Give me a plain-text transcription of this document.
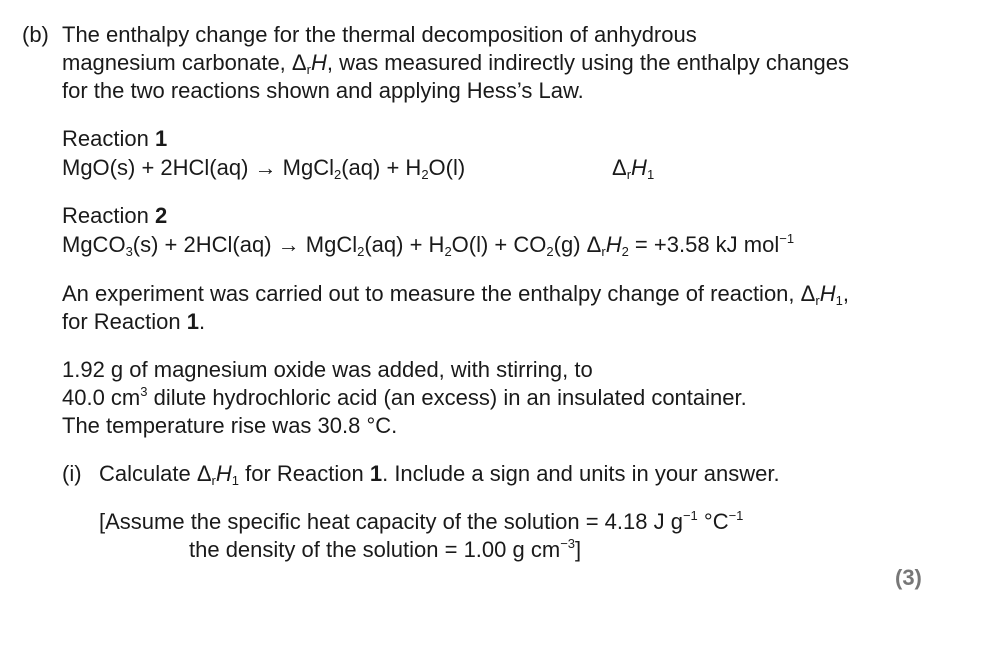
(b) The enthalpy change for the thermal decomposition of anhydrous
magnesium carbonate, $\Delta_rH$, was measured indirectly using the enthalpy changes
for the two reactions shown and applying Hess’s Law.
Reaction 1
MgO(s) + 2HCl(aq) → MgCl$_2$(aq) + $H_2O(l)$	$\Delta_rH_1$
Reaction 2
MgCO$_3$(s) + 2HCl(aq) → MgCl$_2$(aq) + $H_2O(l) + CO_2(g) \Delta_rH_2 = +3.58$ kJ mol$^{-1}$
An experiment was carried out to measure the enthalpy change of reaction, $\Delta_rH_1$,
for Reaction 1.
1.92 g of magnesium oxide was added, with stirring, to
40.0 $cm^3$ dilute hydrochloric acid (an excess) in an insulated container.
The temperature rise was 30.8 °C.
(i) Calculate $\Delta_rH_1$ for Reaction 1. Include a sign and units in your answer.
[Assume the specific heat capacity of the solution = 4.18 J $g^{-1}$ $^\circ C^{-1}$
the density of the solution = 1.00 g $cm^{-3}$]
(3)
